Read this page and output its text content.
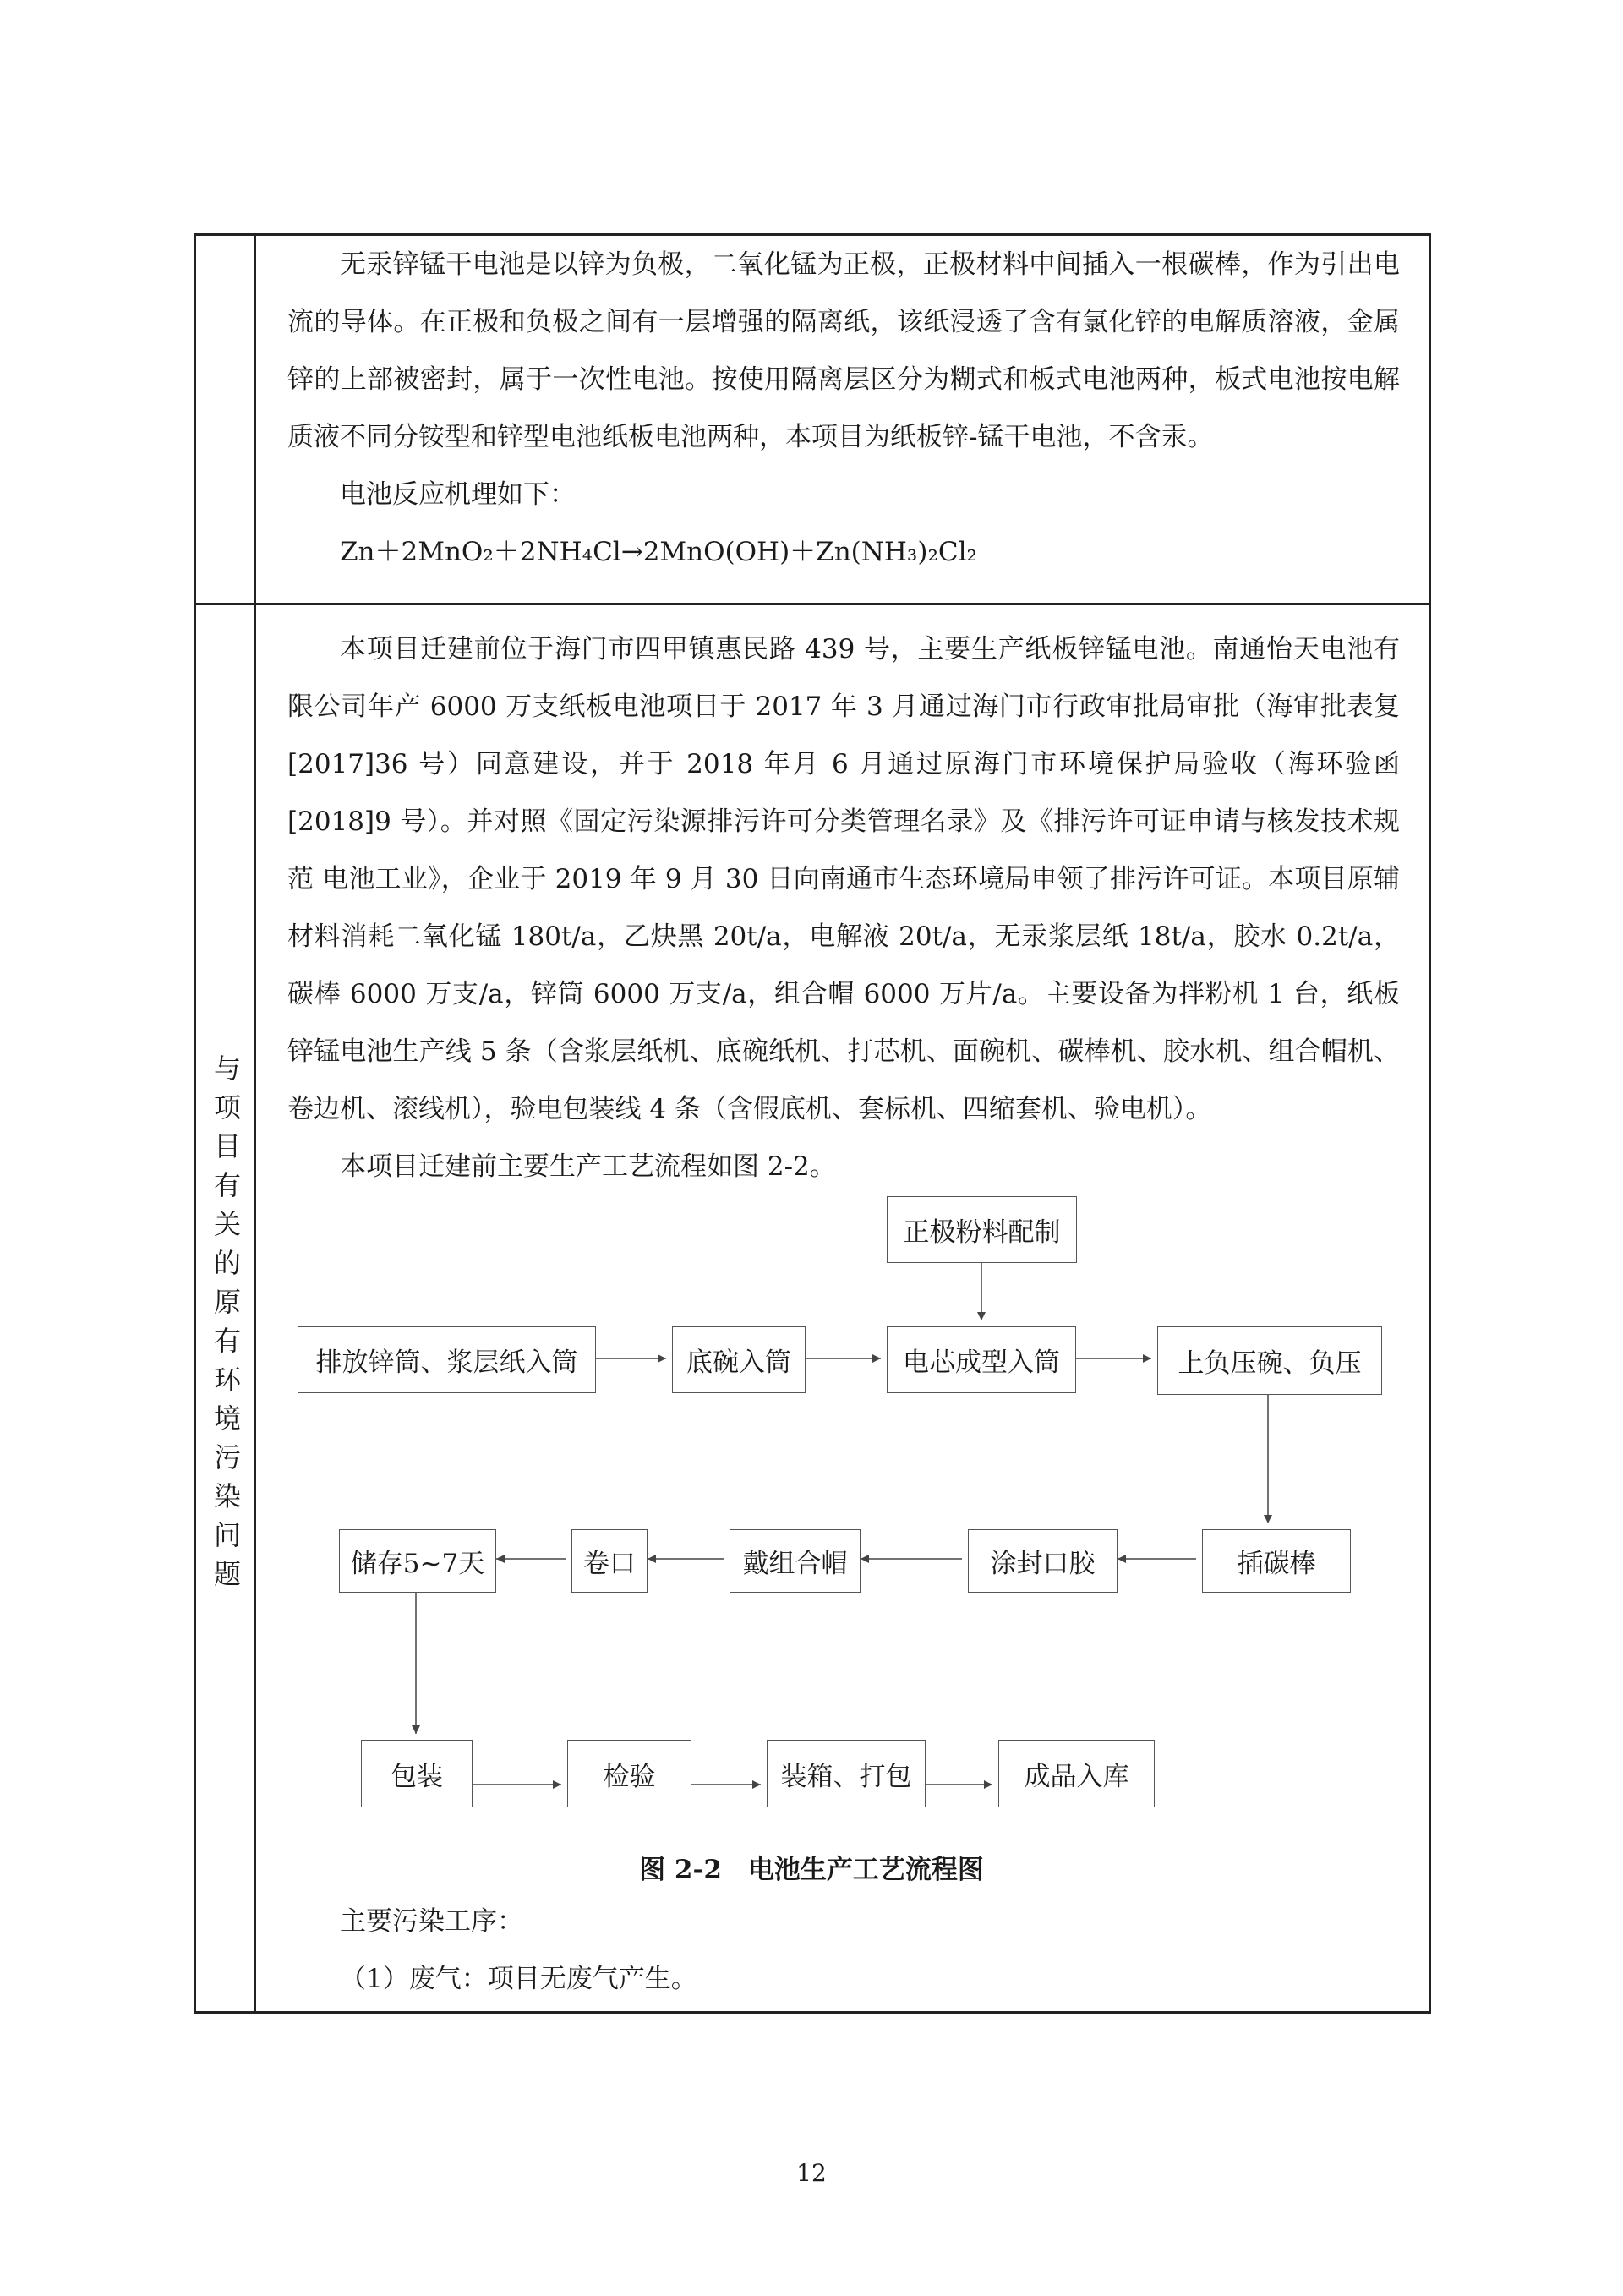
无汞锌锰干电池是以锌为负极，二氧化锰为正极，正极材料中间插入一根碳棒，作为引出电流的导体。在正极和负极之间有一层增强的隔离纸，该纸浸透了含有氯化锌的电解质溶液，金属锌的上部被密封，属于一次性电池。按使用隔离层区分为糊式和板式电池两种，板式电池按电解质液不同分铵型和锌型电池纸板电池两种，本项目为纸板锌-锰干电池，不含汞。

电池反应机理如下：

Zn＋2MnO₂＋2NH₄Cl→2MnO(OH)＋Zn(NH₃)₂Cl₂

与
项
目
有
关
的
原
有
环
境
污
染
问
题

本项目迁建前位于海门市四甲镇惠民路 439 号，主要生产纸板锌锰电池。南通怡天电池有限公司年产 6000 万支纸板电池项目于 2017 年 3 月通过海门市行政审批局审批（海审批表复[2017]36 号）同意建设，并于 2018 年月 6 月通过原海门市环境保护局验收（海环验函[2018]9 号）。并对照《固定污染源排污许可分类管理名录》及《排污许可证申请与核发技术规范 电池工业》，企业于 2019 年 9 月 30 日向南通市生态环境局申领了排污许可证。本项目原辅材料消耗二氧化锰 180t/a，乙炔黑 20t/a，电解液 20t/a，无汞浆层纸 18t/a，胶水 0.2t/a，碳棒 6000 万支/a，锌筒 6000 万支/a，组合帽 6000 万片/a。主要设备为拌粉机 1 台，纸板锌锰电池生产线 5 条（含浆层纸机、底碗纸机、打芯机、面碗机、碳棒机、胶水机、组合帽机、卷边机、滚线机），验电包装线 4 条（含假底机、套标机、四缩套机、验电机）。

本项目迁建前主要生产工艺流程如图 2-2。

主要污染工序：

（1）废气：项目无废气产生。

正极粉料配制
排放锌筒、浆层纸入筒	底碗入筒	电芯成型入筒	上负压碗、负压
插碳棒
涂封口胶
戴组合帽
卷口
储存5~7天
包装	检验	装箱、打包	成品入库
图 2-2　电池生产工艺流程图
12
